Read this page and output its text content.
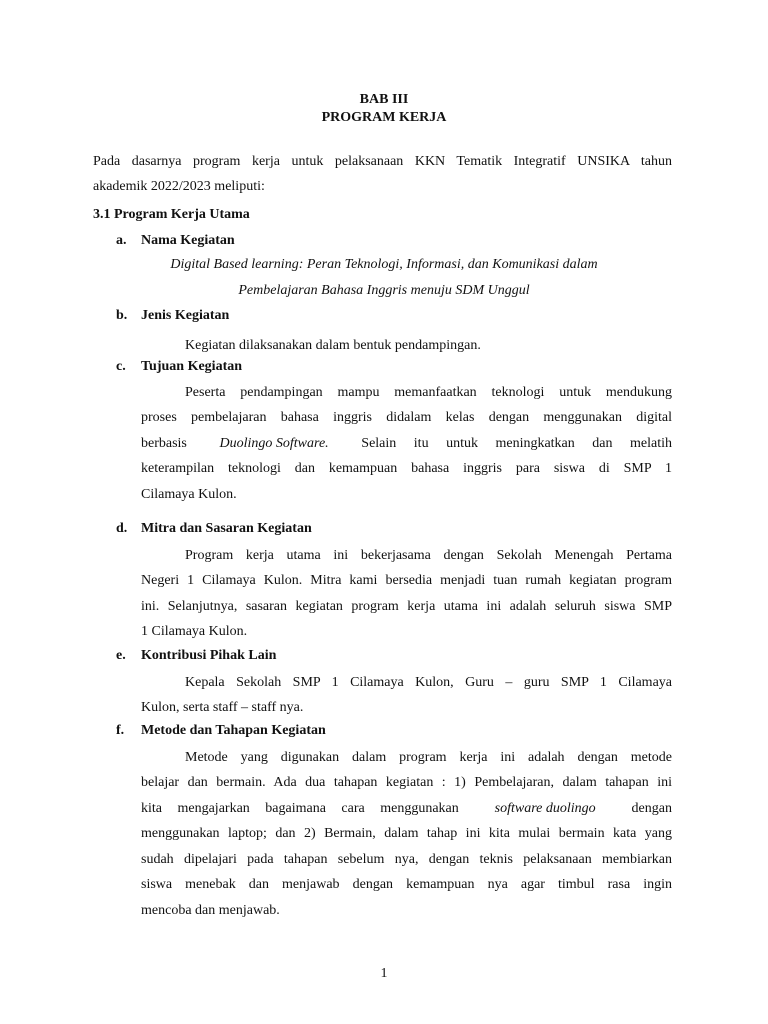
BAB III
PROGRAM KERJA
Pada dasarnya program kerja untuk pelaksanaan KKN Tematik Integratif UNSIKA tahun
akademik 2022/2023 meliputi:
3.1 Program Kerja Utama
a. Nama Kegiatan
Digital Based learning: Peran Teknologi, Informasi, dan Komunikasi dalam
Pembelajaran Bahasa Inggris menuju SDM Unggul
b. Jenis Kegiatan
Kegiatan dilaksanakan dalam bentuk pendampingan.
c. Tujuan Kegiatan
Peserta pendampingan mampu memanfaatkan teknologi untuk mendukung
proses pembelajaran bahasa inggris didalam kelas dengan menggunakan digital
berbasis Duolingo Software. Selain itu untuk meningkatkan dan melatih
keterampilan teknologi dan kemampuan bahasa inggris para siswa di SMP 1
Cilamaya Kulon.
d. Mitra dan Sasaran Kegiatan
Program kerja utama ini bekerjasama dengan Sekolah Menengah Pertama
Negeri 1 Cilamaya Kulon. Mitra kami bersedia menjadi tuan rumah kegiatan program
ini. Selanjutnya, sasaran kegiatan program kerja utama ini adalah seluruh siswa SMP
1 Cilamaya Kulon.
e. Kontribusi Pihak Lain
Kepala Sekolah SMP 1 Cilamaya Kulon, Guru – guru SMP 1 Cilamaya
Kulon, serta staff – staff nya.
f. Metode dan Tahapan Kegiatan
Metode yang digunakan dalam program kerja ini adalah dengan metode
belajar dan bermain. Ada dua tahapan kegiatan : 1) Pembelajaran, dalam tahapan ini
kita mengajarkan bagaimana cara menggunakan	software duolingo	dengan
menggunakan laptop; dan 2) Bermain, dalam tahap ini kita mulai bermain kata yang
sudah dipelajari pada tahapan sebelum nya, dengan teknis pelaksanaan membiarkan
siswa menebak dan menjawab dengan kemampuan nya agar timbul rasa ingin
mencoba dan menjawab.
1
